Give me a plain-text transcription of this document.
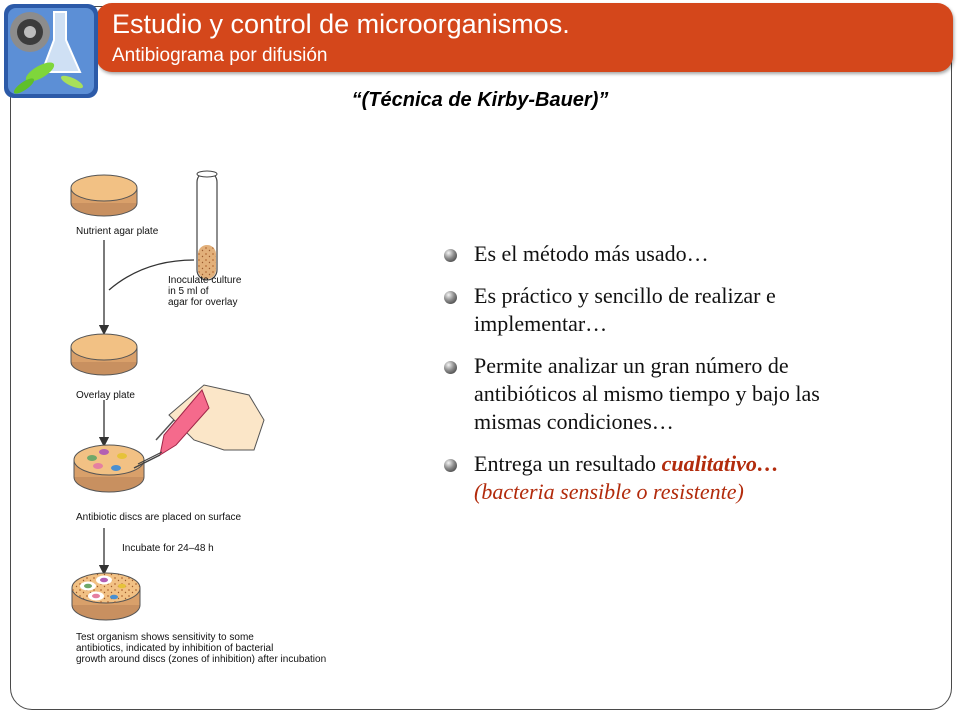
Estudio y control de microorganismos.
Antibiograma por difusión
“(Técnica de Kirby-Bauer)”
Nutrient agar plate
Inoculate culture
in 5 ml of
agar for overlay
Overlay plate
Antibiotic discs are placed on surface
Incubate for 24–48 h
Test organism shows sensitivity to some
antibiotics, indicated by inhibition of bacterial
growth around discs (zones of inhibition) after incubation
Es el método más usado…
Es práctico y sencillo de realizar e implementar…
Permite analizar un gran número de antibióticos al mismo tiempo y bajo las mismas condiciones…
Entrega un resultado cualitativo…
(bacteria sensible o resistente)
